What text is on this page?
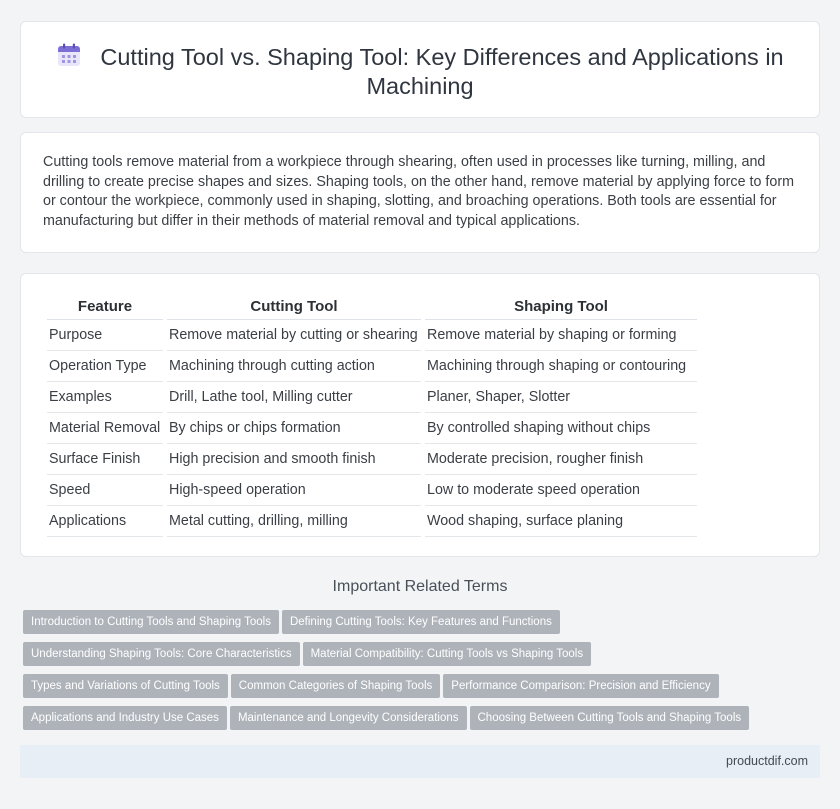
Cutting Tool vs. Shaping Tool: Key Differences and Applications in Machining

Cutting tools remove material from a workpiece through shearing, often used in processes like turning, milling, and drilling to create precise shapes and sizes. Shaping tools, on the other hand, remove material by applying force to form or contour the workpiece, commonly used in shaping, slotting, and broaching operations. Both tools are essential for manufacturing but differ in their methods of material removal and typical applications.

Feature	Cutting Tool	Shaping Tool
Purpose	Remove material by cutting or shearing	Remove material by shaping or forming
Operation Type	Machining through cutting action	Machining through shaping or contouring
Examples	Drill, Lathe tool, Milling cutter	Planer, Shaper, Slotter
Material Removal	By chips or chips formation	By controlled shaping without chips
Surface Finish	High precision and smooth finish	Moderate precision, rougher finish
Speed	High-speed operation	Low to moderate speed operation
Applications	Metal cutting, drilling, milling	Wood shaping, surface planing
Important Related Terms
Introduction to Cutting Tools and Shaping Tools Defining Cutting Tools: Key Features and Functions
Understanding Shaping Tools: Core Characteristics Material Compatibility: Cutting Tools vs Shaping Tools
Types and Variations of Cutting Tools Common Categories of Shaping Tools Performance Comparison: Precision and Efficiency
Applications and Industry Use Cases Maintenance and Longevity Considerations Choosing Between Cutting Tools and Shaping Tools
productdif.com
